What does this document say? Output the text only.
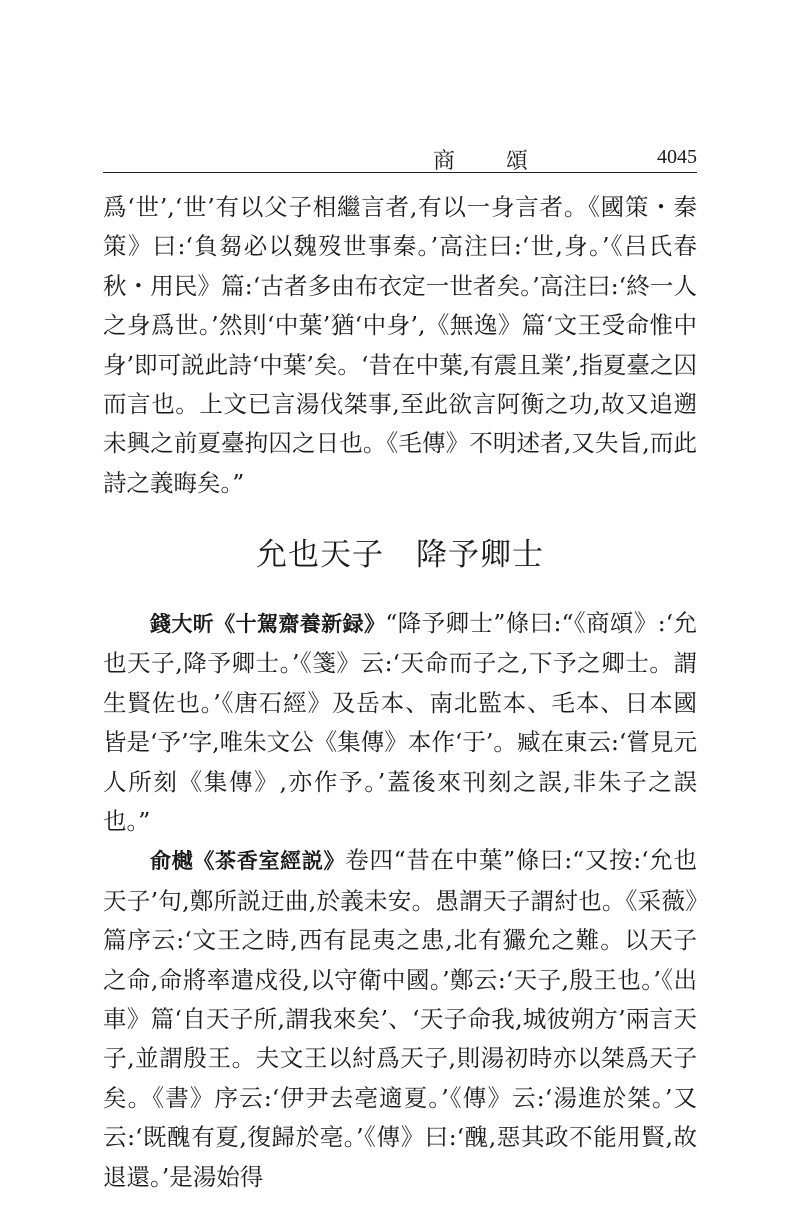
商 頌	4045

爲‘世’,‘世’有以父子相繼言者,有以一身言者。《國策・秦策》曰:‘負芻必以魏歿世事秦。’高注曰:‘世,身。’《吕氏春秋・用民》篇:‘古者多由布衣定一世者矣。’高注曰:‘終一人之身爲世。’然則‘中葉’猶‘中身’,《無逸》篇‘文王受命惟中身’即可説此詩‘中葉’矣。‘昔在中葉,有震且業’,指夏臺之囚而言也。上文已言湯伐桀事,至此欲言阿衡之功,故又追遡未興之前夏臺拘囚之日也。《毛傳》不明述者,又失旨,而此詩之義晦矣。”

允也天子 降予卿士

錢大昕《十駕齋養新録》“降予卿士”條曰:“《商頌》:‘允也天子,降予卿士。’《箋》云:‘天命而子之,下予之卿士。謂生賢佐也。’《唐石經》及岳本、南北監本、毛本、日本國皆是‘予’字,唯朱文公《集傳》本作‘于’。臧在東云:‘嘗見元人所刻《集傳》,亦作予。’蓋後來刊刻之誤,非朱子之誤也。”

俞樾《茶香室經説》卷四“昔在中葉”條曰:“又按:‘允也天子’句,鄭所説迂曲,於義未安。愚謂天子謂紂也。《采薇》篇序云:‘文王之時,西有昆夷之患,北有玁允之難。以天子之命,命將率遣戍役,以守衛中國。’鄭云:‘天子,殷王也。’《出車》篇‘自天子所,謂我來矣’、‘天子命我,城彼朔方’兩言天子,並謂殷王。夫文王以紂爲天子,則湯初時亦以桀爲天子矣。《書》序云:‘伊尹去亳適夏。’《傳》云:‘湯進於桀。’又云:‘既醜有夏,復歸於亳。’《傳》曰:‘醜,惡其政不能用賢,故退還。’是湯始得
